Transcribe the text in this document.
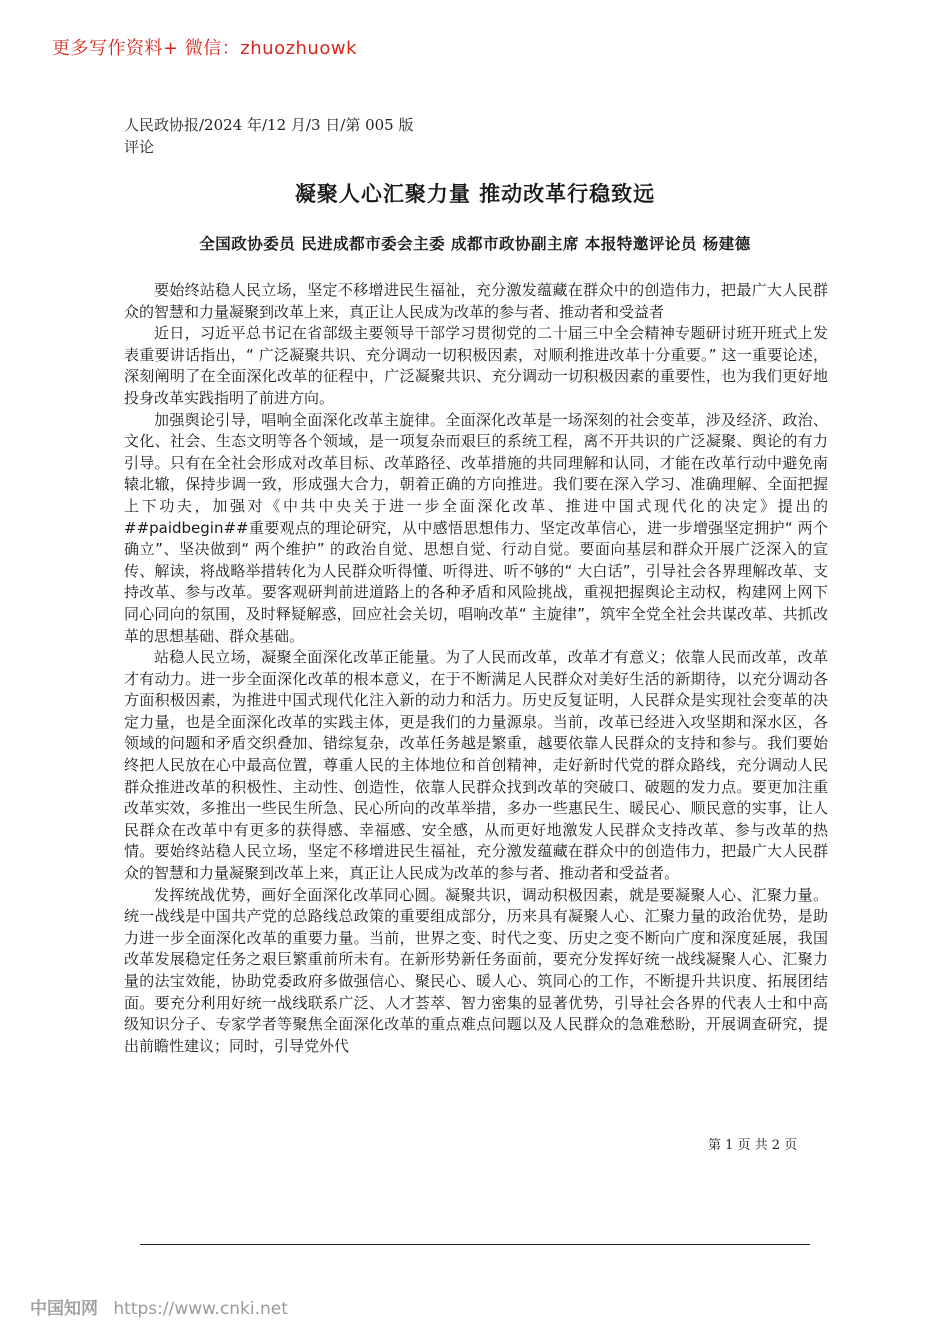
更多写作资料+ 微信：zhuozhuowk
人民政协报/2024 年/12 月/3 日/第 005 版评论
凝聚人心汇聚力量 推动改革行稳致远
全国政协委员 民进成都市委会主委 成都市政协副主席 本报特邀评论员 杨建德

要始终站稳人民立场，坚定不移增进民生福祉，充分激发蕴藏在群众中的创造伟力，把最广大人民群众的智慧和力量凝聚到改革上来，真正让人民成为改革的参与者、推动者和受益者

近日，习近平总书记在省部级主要领导干部学习贯彻党的二十届三中全会精神专题研讨班开班式上发表重要讲话指出，“ 广泛凝聚共识、充分调动一切积极因素，对顺利推进改革十分重要。” 这一重要论述，深刻阐明了在全面深化改革的征程中，广泛凝聚共识、充分调动一切积极因素的重要性，也为我们更好地投身改革实践指明了前进方向。

加强舆论引导，唱响全面深化改革主旋律。全面深化改革是一场深刻的社会变革，涉及经济、政治、文化、社会、生态文明等各个领域，是一项复杂而艰巨的系统工程，离不开共识的广泛凝聚、舆论的有力引导。只有在全社会形成对改革目标、改革路径、改革措施的共同理解和认同，才能在改革行动中避免南辕北辙，保持步调一致，形成强大合力，朝着正确的方向推进。我们要在深入学习、准确理解、全面把握上下功夫，加强对《中共中央关于进一步全面深化改革、推进中国式现代化的决定》提出的##paidbegin##重要观点的理论研究，从中感悟思想伟力、坚定改革信心，进一步增强坚定拥护“ 两个确立”、坚决做到“ 两个维护” 的政治自觉、思想自觉、行动自觉。要面向基层和群众开展广泛深入的宣传、解读，将战略举措转化为人民群众听得懂、听得进、听不够的“ 大白话”，引导社会各界理解改革、支持改革、参与改革。要客观研判前进道路上的各种矛盾和风险挑战，重视把握舆论主动权，构建网上网下同心同向的氛围，及时释疑解惑，回应社会关切，唱响改革“ 主旋律”，筑牢全党全社会共谋改革、共抓改革的思想基础、群众基础。

站稳人民立场，凝聚全面深化改革正能量。为了人民而改革，改革才有意义；依靠人民而改革，改革才有动力。进一步全面深化改革的根本意义，在于不断满足人民群众对美好生活的新期待，以充分调动各方面积极因素，为推进中国式现代化注入新的动力和活力。历史反复证明，人民群众是实现社会变革的决定力量，也是全面深化改革的实践主体，更是我们的力量源泉。当前，改革已经进入攻坚期和深水区，各领域的问题和矛盾交织叠加、错综复杂，改革任务越是繁重，越要依靠人民群众的支持和参与。我们要始终把人民放在心中最高位置，尊重人民的主体地位和首创精神，走好新时代党的群众路线，充分调动人民群众推进改革的积极性、主动性、创造性，依靠人民群众找到改革的突破口、破题的发力点。要更加注重改革实效，多推出一些民生所急、民心所向的改革举措，多办一些惠民生、暖民心、顺民意的实事，让人民群众在改革中有更多的获得感、幸福感、安全感，从而更好地激发人民群众支持改革、参与改革的热情。要始终站稳人民立场，坚定不移增进民生福祉，充分激发蕴藏在群众中的创造伟力，把最广大人民群众的智慧和力量凝聚到改革上来，真正让人民成为改革的参与者、推动者和受益者。

发挥统战优势，画好全面深化改革同心圆。凝聚共识，调动积极因素，就是要凝聚人心、汇聚力量。统一战线是中国共产党的总路线总政策的重要组成部分，历来具有凝聚人心、汇聚力量的政治优势，是助力进一步全面深化改革的重要力量。当前，世界之变、时代之变、历史之变不断向广度和深度延展，我国改革发展稳定任务之艰巨繁重前所未有。在新形势新任务面前，要充分发挥好统一战线凝聚人心、汇聚力量的法宝效能，协助党委政府多做强信心、聚民心、暖人心、筑同心的工作，不断提升共识度、拓展团结面。要充分利用好统一战线联系广泛、人才荟萃、智力密集的显著优势，引导社会各界的代表人士和中高级知识分子、专家学者等聚焦全面深化改革的重点难点问题以及人民群众的急难愁盼，开展调查研究，提出前瞻性建议；同时，引导党外代

第 1 页 共 2 页
中国知网 https://www.cnki.net
